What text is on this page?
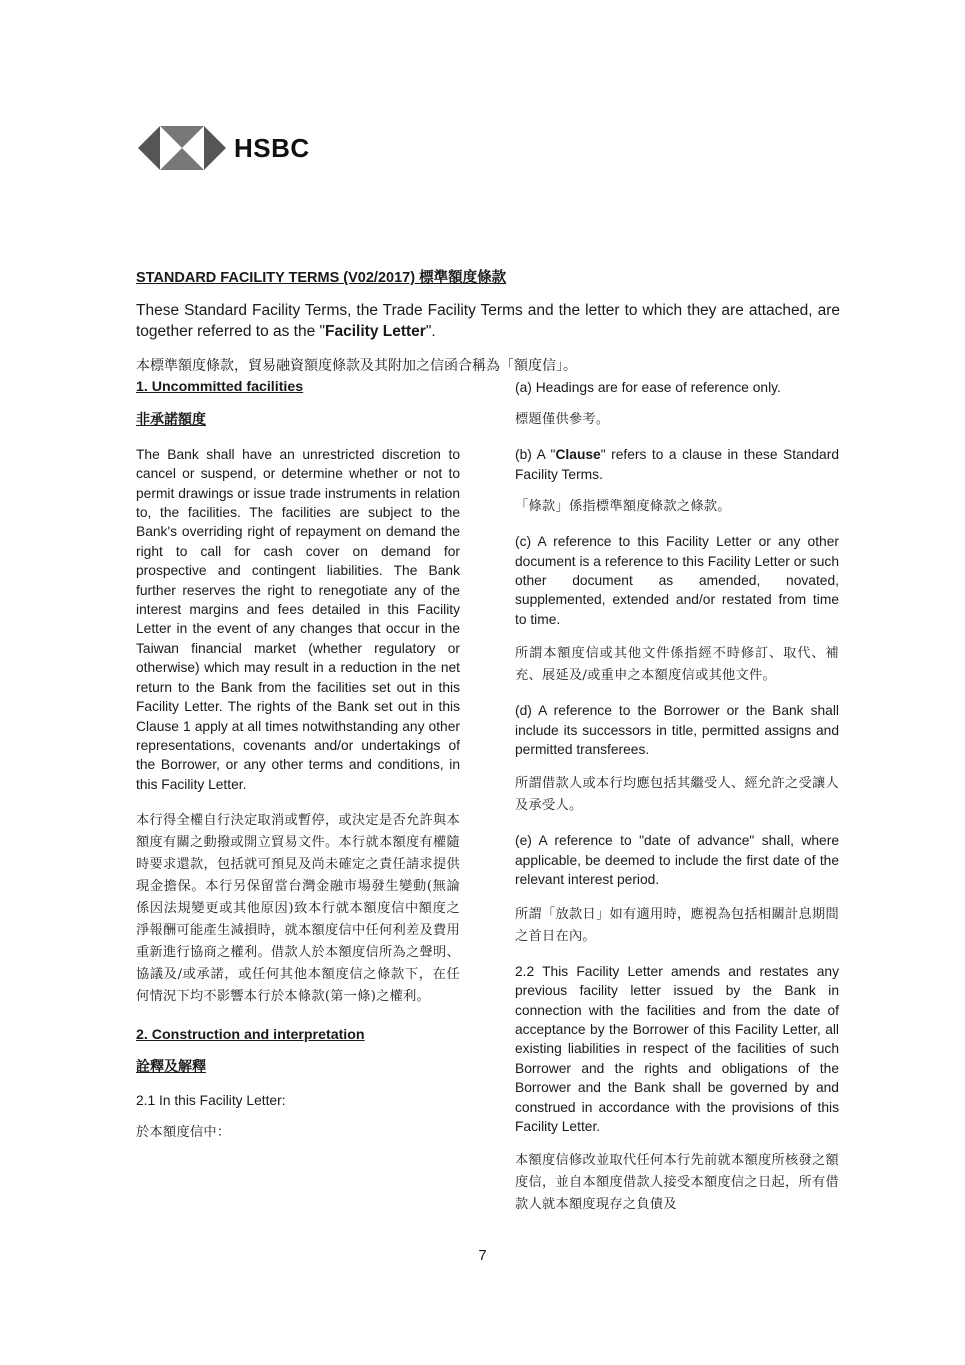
HSBC
STANDARD FACILITY TERMS (V02/2017) 標準額度條款
These Standard Facility Terms, the Trade Facility Terms and the letter to which they are attached, are together referred to as the "Facility Letter".
本標準額度條款，貿易融資額度條款及其附加之信函合稱為「額度信」。
1. Uncommitted facilities
非承諾額度

The Bank shall have an unrestricted discretion to cancel or suspend, or determine whether or not to permit drawings or issue trade instruments in relation to, the facilities. The facilities are subject to the Bank's overriding right of repayment on demand the right to call for cash cover on demand for prospective and contingent liabilities. The Bank further reserves the right to renegotiate any of the interest margins and fees detailed in this Facility Letter in the event of any changes that occur in the Taiwan financial market (whether regulatory or otherwise) which may result in a reduction in the net return to the Bank from the facilities set out in this Facility Letter. The rights of the Bank set out in this Clause 1 apply at all times notwithstanding any other representations, covenants and/or undertakings of the Borrower, or any other terms and conditions, in this Facility Letter.

本行得全權自行決定取消或暫停，或決定是否允許與本額度有關之動撥或開立貿易文件。本行就本額度有權隨時要求還款，包括就可預見及尚未確定之責任請求提供現金擔保。本行另保留當台灣金融市場發生變動(無論係因法規變更或其他原因)致本行就本額度信中額度之淨報酬可能產生減損時，就本額度信中任何利差及費用重新進行協商之權利。借款人於本額度信所為之聲明、協議及/或承諾，或任何其他本額度信之條款下，在任何情況下均不影響本行於本條款(第一條)之權利。

2. Construction and interpretation
詮釋及解釋

2.1 In this Facility Letter:

於本額度信中：

(a) Headings are for ease of reference only.

標題僅供參考。

(b) A "Clause" refers to a clause in these Standard Facility Terms.

「條款」係指標準額度條款之條款。

(c) A reference to this Facility Letter or any other document is a reference to this Facility Letter or such other document as amended, novated, supplemented, extended and/or restated from time to time.

所謂本額度信或其他文件係指經不時修訂、取代、補充、展延及/或重申之本額度信或其他文件。

(d) A reference to the Borrower or the Bank shall include its successors in title, permitted assigns and permitted transferees.

所謂借款人或本行均應包括其繼受人、經允許之受讓人及承受人。

(e) A reference to "date of advance" shall, where applicable, be deemed to include the first date of the relevant interest period.

所謂「放款日」如有適用時，應視為包括相關計息期間之首日在內。

2.2 This Facility Letter amends and restates any previous facility letter issued by the Bank in connection with the facilities and from the date of acceptance by the Borrower of this Facility Letter, all existing liabilities in respect of the facilities of such Borrower and the rights and obligations of the Borrower and the Bank shall be governed by and construed in accordance with the provisions of this Facility Letter.

本額度信修改並取代任何本行先前就本額度所核發之額度信，並自本額度借款人接受本額度信之日起，所有借款人就本額度現存之負債及

7
